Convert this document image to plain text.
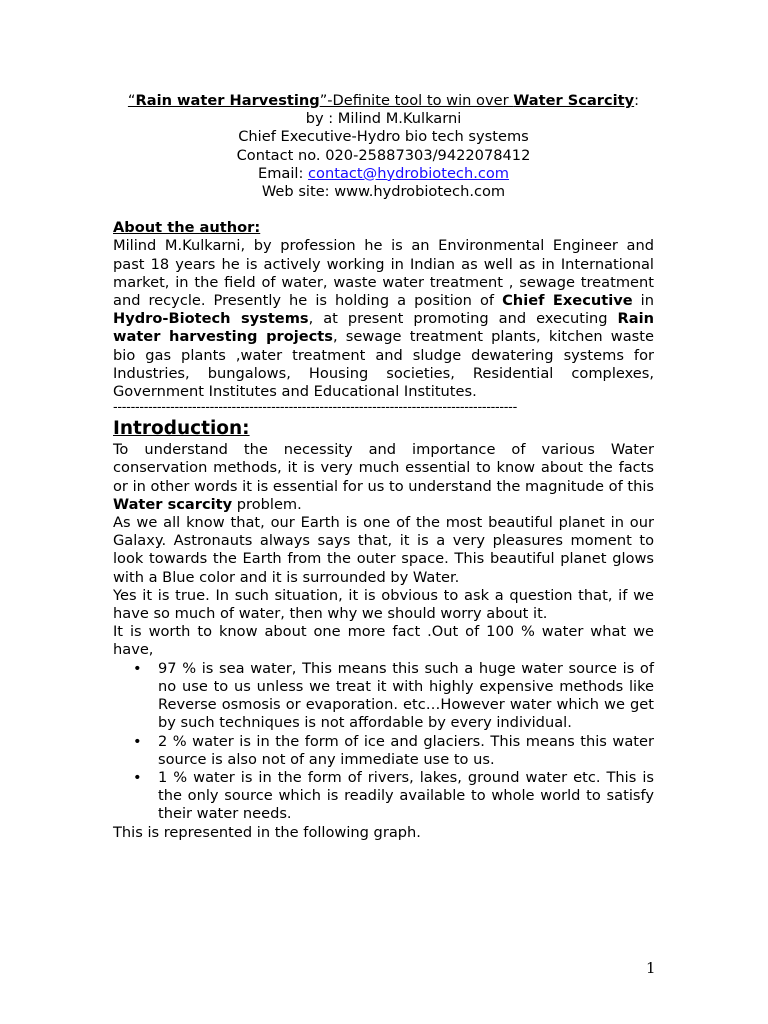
“Rain water Harvesting”-Definite tool to win over Water Scarcity:
by : Milind M.Kulkarni
Chief Executive-Hydro bio tech systems
Contact no. 020-25887303/9422078412
Email: contact@hydrobiotech.com
Web site: www.hydrobiotech.com
About the author:
Milind M.Kulkarni, by profession he is an Environmental Engineer and past 18 years he is actively working in Indian as well as in International market, in the field of water, waste water treatment , sewage treatment and recycle. Presently he is holding a position of Chief Executive in Hydro-Biotech systems, at present promoting and executing Rain water harvesting projects, sewage treatment plants, kitchen waste bio gas plants ,water treatment and sludge dewatering systems for Industries, bungalows, Housing societies, Residential complexes, Government Institutes and Educational Institutes.
--------------------------------------------------------------------------------------------
Introduction:
To understand the necessity and importance of various Water conservation methods, it is very much essential to know about the facts or in other words it is essential for us to understand the magnitude of this Water scarcity problem.
As we all know that, our Earth is one of the most beautiful planet in our Galaxy. Astronauts always says that, it is a very pleasures moment to look towards the Earth from the outer space. This beautiful planet glows with a Blue color and it is surrounded by Water.
Yes it is true. In such situation, it is obvious to ask a question that, if we have so much of water, then why we should worry about it.
It is worth to know about one more fact .Out of 100 % water what we have,
• 97 % is sea water, This means this such a huge water source is of no use to us unless we treat it with highly expensive methods like Reverse osmosis or evaporation. etc…However water which we get by such techniques is not affordable by every individual.
• 2 % water is in the form of ice and glaciers. This means this water source is also not of any immediate use to us.
• 1 % water is in the form of rivers, lakes, ground water etc. This is the only source which is readily available to whole world to satisfy their water needs.
This is represented in the following graph.
1
